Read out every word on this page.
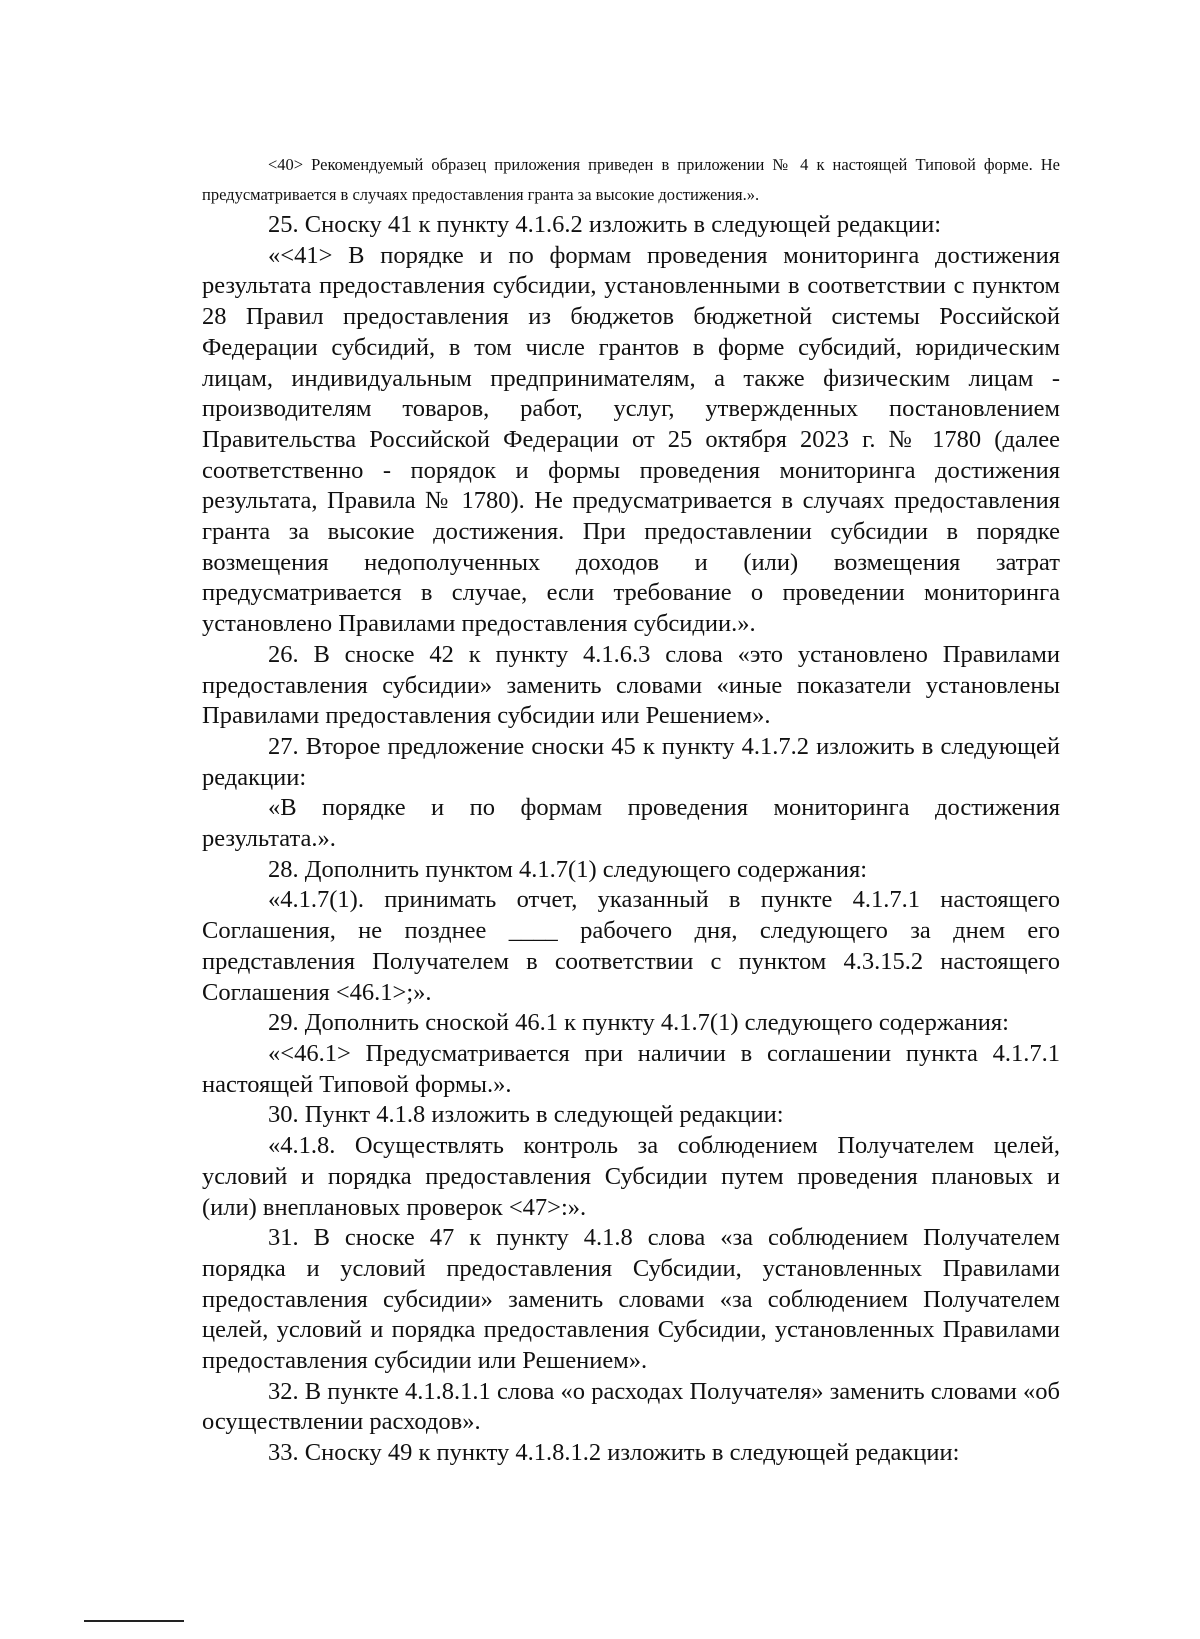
<40> Рекомендуемый образец приложения приведен в приложении № 4 к настоящей Типовой форме. Не предусматривается в случаях предоставления гранта за высокие достижения.».

25. Сноску 41 к пункту 4.1.6.2 изложить в следующей редакции:

«<41> В порядке и по формам проведения мониторинга достижения результата предоставления субсидии, установленными в соответствии с пунктом 28 Правил предоставления из бюджетов бюджетной системы Российской Федерации субсидий, в том числе грантов в форме субсидий, юридическим лицам, индивидуальным предпринимателям, а также физическим лицам - производителям товаров, работ, услуг, утвержденных постановлением Правительства Российской Федерации от 25 октября 2023 г. № 1780 (далее соответственно - порядок и формы проведения мониторинга достижения результата, Правила № 1780). Не предусматривается в случаях предоставления гранта за высокие достижения. При предоставлении субсидии в порядке возмещения недополученных доходов и (или) возмещения затрат предусматривается в случае, если требование о проведении мониторинга установлено Правилами предоставления субсидии.».

26. В сноске 42 к пункту 4.1.6.3 слова «это установлено Правилами предоставления субсидии» заменить словами «иные показатели установлены Правилами предоставления субсидии или Решением».

27. Второе предложение сноски 45 к пункту 4.1.7.2 изложить в следующей редакции:

«В порядке и по формам проведения мониторинга достижения результата.».

28. Дополнить пунктом 4.1.7(1) следующего содержания:

«4.1.7(1). принимать отчет, указанный в пункте 4.1.7.1 настоящего Соглашения, не позднее ____ рабочего дня, следующего за днем его представления Получателем в соответствии с пунктом 4.3.15.2 настоящего Соглашения <46.1>;».

29. Дополнить сноской 46.1 к пункту 4.1.7(1) следующего содержания:

«<46.1> Предусматривается при наличии в соглашении пункта 4.1.7.1 настоящей Типовой формы.».

30. Пункт 4.1.8 изложить в следующей редакции:

«4.1.8. Осуществлять контроль за соблюдением Получателем целей, условий и порядка предоставления Субсидии путем проведения плановых и (или) внеплановых проверок <47>:».

31. В сноске 47 к пункту 4.1.8 слова «за соблюдением Получателем порядка и условий предоставления Субсидии, установленных Правилами предоставления субсидии» заменить словами «за соблюдением Получателем целей, условий и порядка предоставления Субсидии, установленных Правилами предоставления субсидии или Решением».

32. В пункте 4.1.8.1.1 слова «о расходах Получателя» заменить словами «об осуществлении расходов».

33. Сноску 49 к пункту 4.1.8.1.2 изложить в следующей редакции:
